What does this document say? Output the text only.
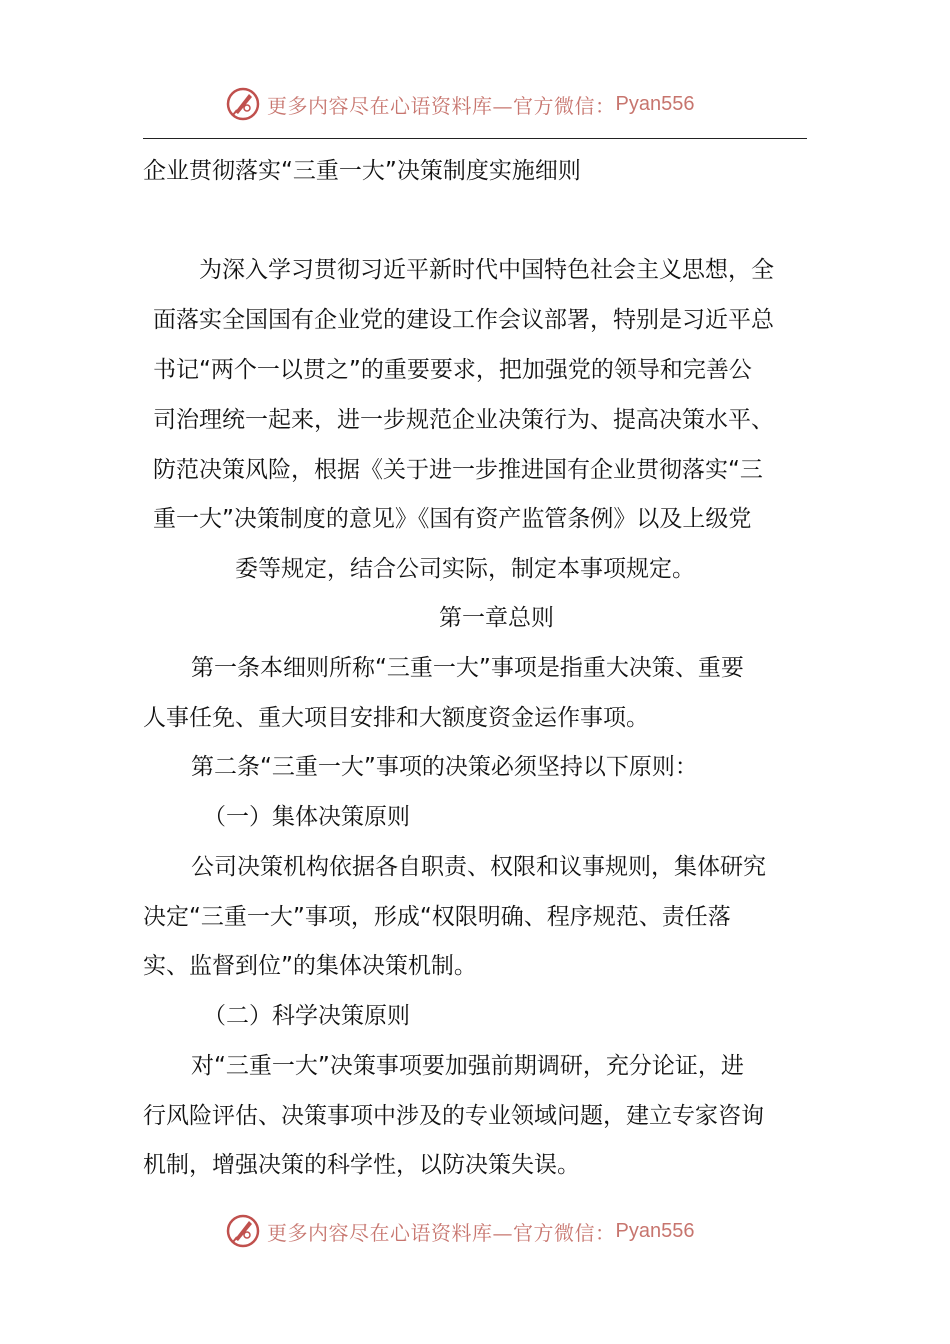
更多内容尽在心语资料库—官方微信： Pyan556
企业贯彻落实“三重一大”决策制度实施细则
为深入学习贯彻习近平新时代中国特色社会主义思想，全
面落实全国国有企业党的建设工作会议部署，特别是习近平总
书记“两个一以贯之”的重要要求，把加强党的领导和完善公
司治理统一起来，进一步规范企业决策行为、提高决策水平、
防范决策风险，根据《关于进一步推进国有企业贯彻落实“三
重一大”决策制度的意见》《国有资产监管条例》以及上级党
委等规定，结合公司实际，制定本事项规定。
第一章总则
第一条本细则所称“三重一大”事项是指重大决策、重要
人事任免、重大项目安排和大额度资金运作事项。
第二条“三重一大”事项的决策必须坚持以下原则：
（一）集体决策原则
公司决策机构依据各自职责、权限和议事规则，集体研究
决定“三重一大”事项，形成“权限明确、程序规范、责任落
实、监督到位”的集体决策机制。
（二）科学决策原则
对“三重一大”决策事项要加强前期调研，充分论证，进
行风险评估、决策事项中涉及的专业领域问题，建立专家咨询
机制，增强决策的科学性，以防决策失误。
更多内容尽在心语资料库—官方微信： Pyan556
